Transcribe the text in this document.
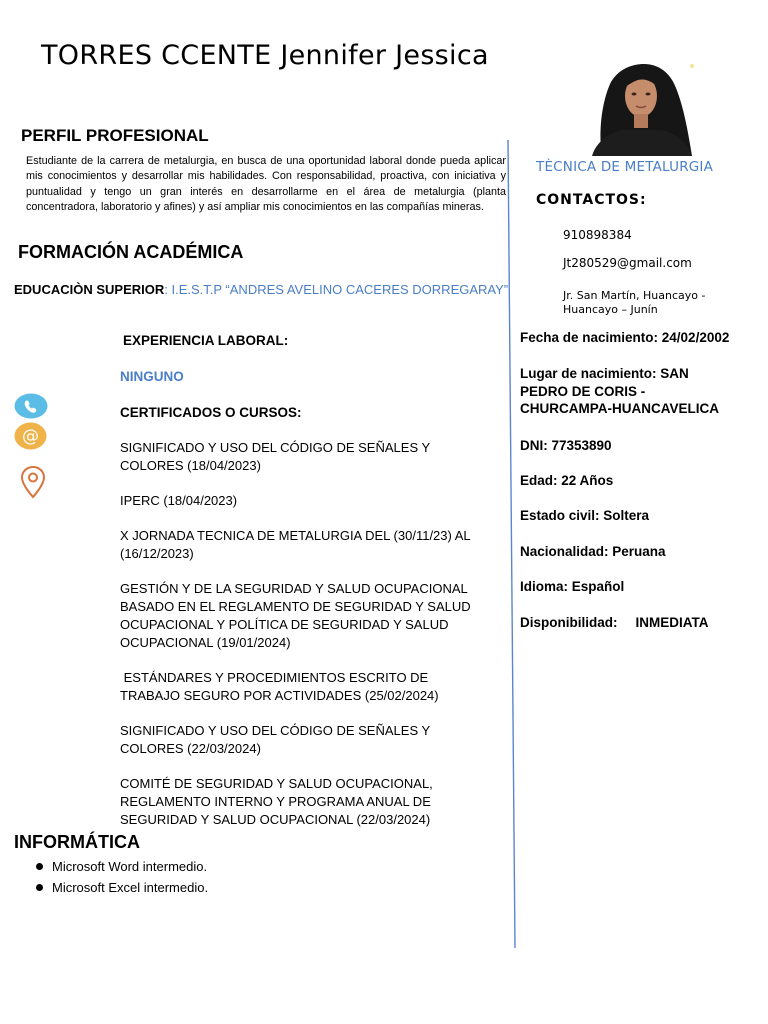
TORRES CCENTE Jennifer Jessica
PERFIL PROFESIONAL
Estudiante de la carrera de metalurgia, en busca de una oportunidad laboral donde pueda aplicar mis conocimientos y desarrollar mis habilidades. Con responsabilidad, proactiva, con iniciativa y puntualidad y tengo un gran interés en desarrollarme en el área de metalurgia (planta concentradora, laboratorio y afines) y así ampliar mis conocimientos en las compañías mineras.
FORMACIÓN ACADÉMICA
EDUCACIÒN SUPERIOR: I.E.S.T.P “ANDRES AVELINO CACERES DORREGARAY”
EXPERIENCIA LABORAL:
NINGUNO
CERTIFICADOS O CURSOS:
SIGNIFICADO Y USO DEL CÓDIGO DE SEÑALES Y COLORES (18/04/2023)
IPERC (18/04/2023)
X JORNADA TECNICA DE METALURGIA DEL (30/11/23) AL (16/12/2023)
GESTIÓN Y DE LA SEGURIDAD Y SALUD OCUPACIONAL BASADO EN EL REGLAMENTO DE SEGURIDAD Y SALUD OCUPACIONAL Y POLÍTICA DE SEGURIDAD Y SALUD OCUPACIONAL (19/01/2024)
ESTÁNDARES Y PROCEDIMIENTOS ESCRITO DE TRABAJO SEGURO POR ACTIVIDADES (25/02/2024)
SIGNIFICADO Y USO DEL CÓDIGO DE SEÑALES Y COLORES (22/03/2024)
COMITÉ DE SEGURIDAD Y SALUD OCUPACIONAL, REGLAMENTO INTERNO Y PROGRAMA ANUAL DE SEGURIDAD Y SALUD OCUPACIONAL (22/03/2024)
INFORMÁTICA
Microsoft Word intermedio.
Microsoft Excel intermedio.
@
TÈCNICA DE METALURGIA
CONTACTOS:
910898384
Jt280529@gmail.com
Jr. San Martín, Huancayo - Huancayo – Junín
Fecha de nacimiento: 24/02/2002
Lugar de nacimiento: SAN PEDRO DE CORIS -CHURCAMPA-HUANCAVELICA
DNI: 77353890
Edad: 22 Años
Estado civil: Soltera
Nacionalidad: Peruana
Idioma: Español
Disponibilidad: INMEDIATA
